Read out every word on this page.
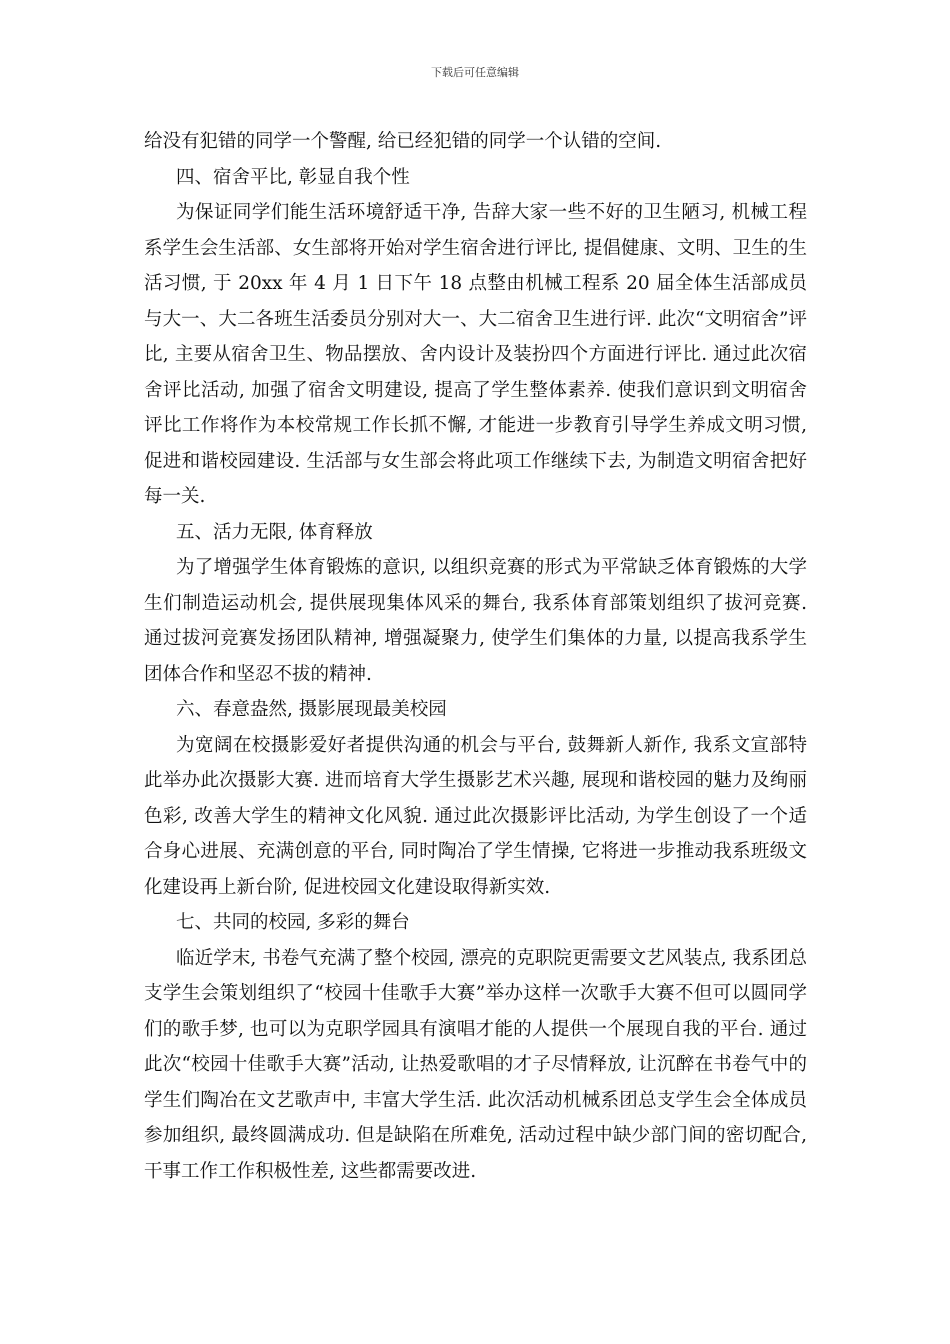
下载后可任意编辑

给没有犯错的同学一个警醒, 给已经犯错的同学一个认错的空间.

四、宿舍平比, 彰显自我个性

为保证同学们能生活环境舒适干净, 告辞大家一些不好的卫生陋习, 机械工程系学生会生活部、女生部将开始对学生宿舍进行评比, 提倡健康、文明、卫生的生活习惯, 于 20xx 年 4 月 1 日下午 18 点整由机械工程系 20 届全体生活部成员与大一、大二各班生活委员分别对大一、大二宿舍卫生进行评. 此次“文明宿舍”评比, 主要从宿舍卫生、物品摆放、舍内设计及装扮四个方面进行评比. 通过此次宿舍评比活动, 加强了宿舍文明建设, 提高了学生整体素养. 使我们意识到文明宿舍评比工作将作为本校常规工作长抓不懈, 才能进一步教育引导学生养成文明习惯, 促进和谐校园建设. 生活部与女生部会将此项工作继续下去, 为制造文明宿舍把好每一关.

五、活力无限, 体育释放

为了增强学生体育锻炼的意识, 以组织竞赛的形式为平常缺乏体育锻炼的大学生们制造运动机会, 提供展现集体风采的舞台, 我系体育部策划组织了拔河竞赛. 通过拔河竞赛发扬团队精神, 增强凝聚力, 使学生们集体的力量, 以提高我系学生团体合作和坚忍不拔的精神.

六、春意盎然, 摄影展现最美校园

为宽阔在校摄影爱好者提供沟通的机会与平台, 鼓舞新人新作, 我系文宣部特此举办此次摄影大赛. 进而培育大学生摄影艺术兴趣, 展现和谐校园的魅力及绚丽色彩, 改善大学生的精神文化风貌. 通过此次摄影评比活动, 为学生创设了一个适合身心进展、充满创意的平台, 同时陶冶了学生情操, 它将进一步推动我系班级文化建设再上新台阶, 促进校园文化建设取得新实效.

七、共同的校园, 多彩的舞台

临近学末, 书卷气充满了整个校园, 漂亮的克职院更需要文艺风装点, 我系团总支学生会策划组织了“校园十佳歌手大赛”举办这样一次歌手大赛不但可以圆同学们的歌手梦, 也可以为克职学园具有演唱才能的人提供一个展现自我的平台. 通过此次“校园十佳歌手大赛”活动, 让热爱歌唱的才子尽情释放, 让沉醉在书卷气中的学生们陶冶在文艺歌声中, 丰富大学生活. 此次活动机械系团总支学生会全体成员参加组织, 最终圆满成功. 但是缺陷在所难免, 活动过程中缺少部门间的密切配合, 干事工作工作积极性差, 这些都需要改进.
